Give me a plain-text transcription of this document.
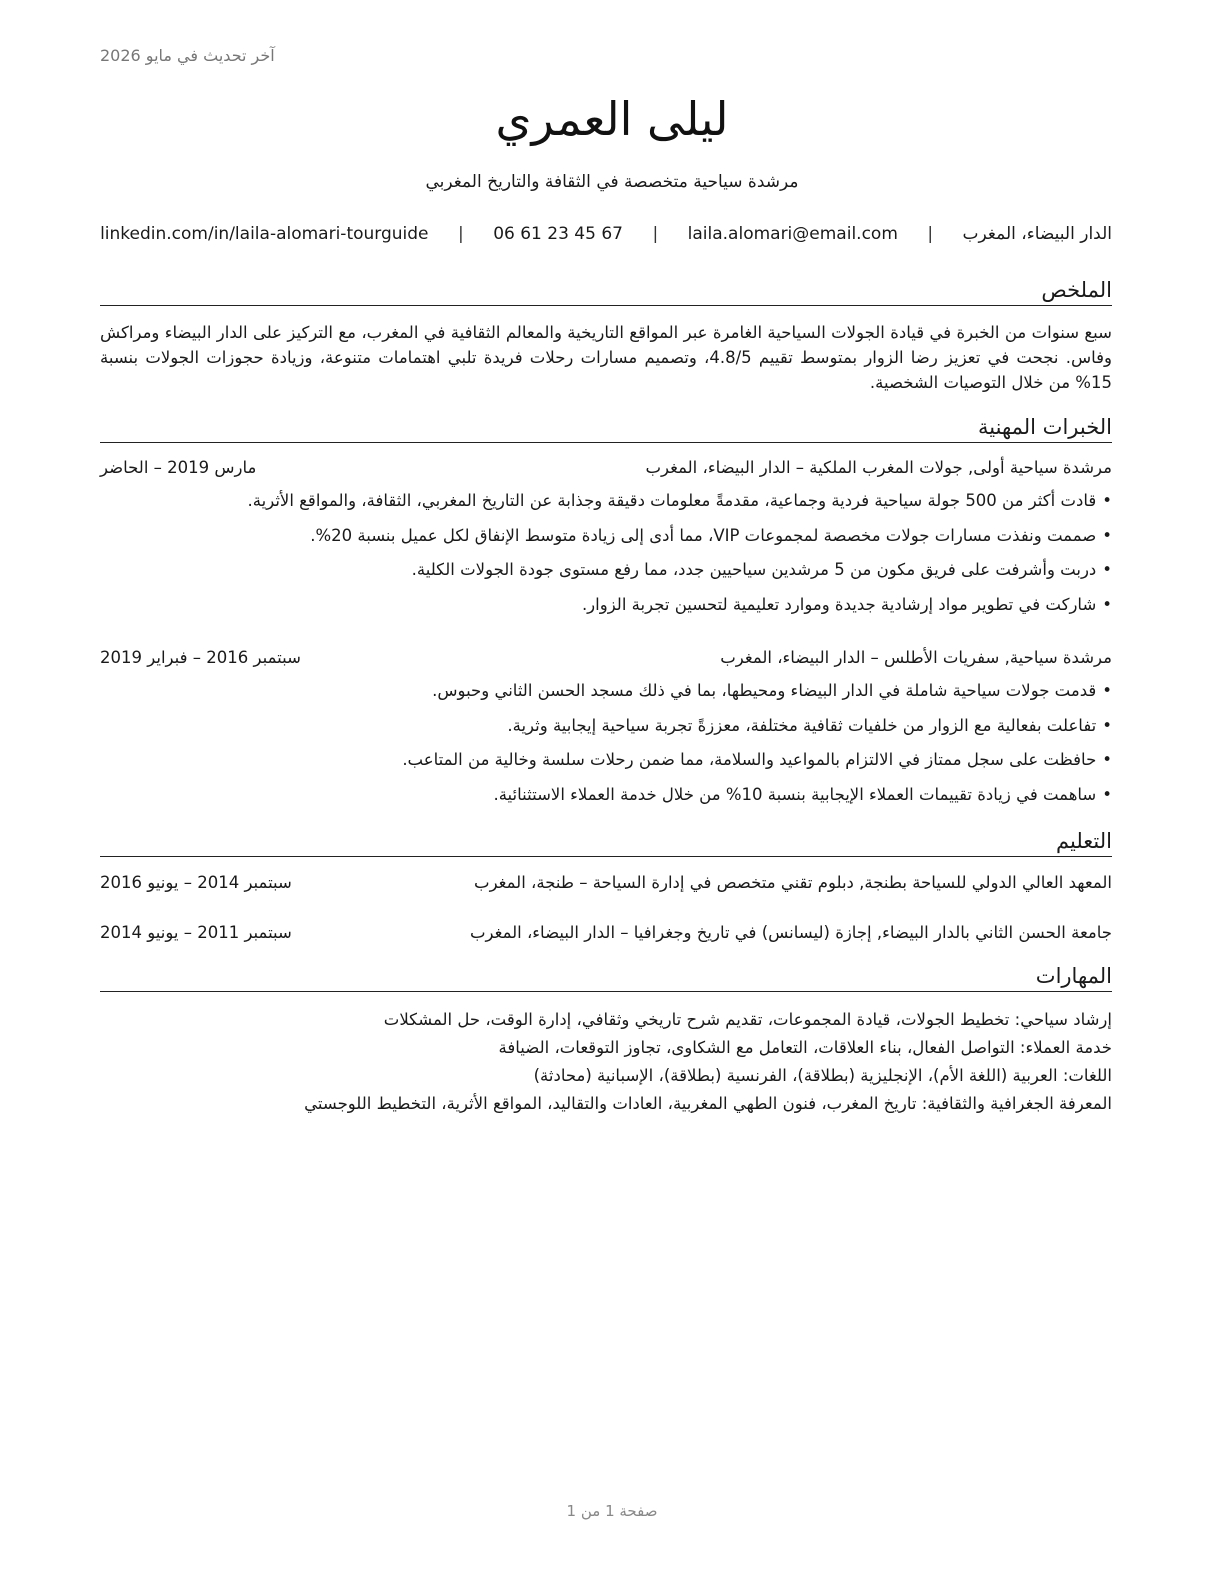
آخر تحديث في مايو 2026
ليلى العمري
مرشدة سياحية متخصصة في الثقافة والتاريخ المغربي
linkedin.com/in/laila-alomari-tourguide | 06 61 23 45 67 | laila.alomari@email.com | الدار البيضاء، المغرب
الملخص
سبع سنوات من الخبرة في قيادة الجولات السياحية الغامرة عبر المواقع التاريخية والمعالم الثقافية في المغرب، مع التركيز على الدار البيضاء ومراكش وفاس. نجحت في تعزيز رضا الزوار بمتوسط تقييم 4.8/5، وتصميم مسارات رحلات فريدة تلبي اهتمامات متنوعة، وزيادة حجوزات الجولات بنسبة 15% من خلال التوصيات الشخصية.
الخبرات المهنية
مرشدة سياحية أولى, جولات المغرب الملكية – الدار البيضاء، المغرب
مارس 2019 – الحاضر
•قادت أكثر من 500 جولة سياحية فردية وجماعية، مقدمةً معلومات دقيقة وجذابة عن التاريخ المغربي، الثقافة، والمواقع الأثرية.
•صممت ونفذت مسارات جولات مخصصة لمجموعات VIP، مما أدى إلى زيادة متوسط الإنفاق لكل عميل بنسبة 20%.
•دربت وأشرفت على فريق مكون من 5 مرشدين سياحيين جدد، مما رفع مستوى جودة الجولات الكلية.
•شاركت في تطوير مواد إرشادية جديدة وموارد تعليمية لتحسين تجربة الزوار.
مرشدة سياحية, سفريات الأطلس – الدار البيضاء، المغرب
سبتمبر 2016 – فبراير 2019
•قدمت جولات سياحية شاملة في الدار البيضاء ومحيطها، بما في ذلك مسجد الحسن الثاني وحبوس.
•تفاعلت بفعالية مع الزوار من خلفيات ثقافية مختلفة، معززةً تجربة سياحية إيجابية وثرية.
•حافظت على سجل ممتاز في الالتزام بالمواعيد والسلامة، مما ضمن رحلات سلسة وخالية من المتاعب.
•ساهمت في زيادة تقييمات العملاء الإيجابية بنسبة 10% من خلال خدمة العملاء الاستثنائية.
التعليم
المعهد العالي الدولي للسياحة بطنجة, دبلوم تقني متخصص في إدارة السياحة – طنجة، المغرب
سبتمبر 2014 – يونيو 2016
جامعة الحسن الثاني بالدار البيضاء, إجازة (ليسانس) في تاريخ وجغرافيا – الدار البيضاء، المغرب
سبتمبر 2011 – يونيو 2014
المهارات
إرشاد سياحي: تخطيط الجولات، قيادة المجموعات، تقديم شرح تاريخي وثقافي، إدارة الوقت، حل المشكلات
خدمة العملاء: التواصل الفعال، بناء العلاقات، التعامل مع الشكاوى، تجاوز التوقعات، الضيافة
اللغات: العربية (اللغة الأم)، الإنجليزية (بطلاقة)، الفرنسية (بطلاقة)، الإسبانية (محادثة)
المعرفة الجغرافية والثقافية: تاريخ المغرب، فنون الطهي المغربية، العادات والتقاليد، المواقع الأثرية، التخطيط اللوجستي
صفحة 1 من 1
